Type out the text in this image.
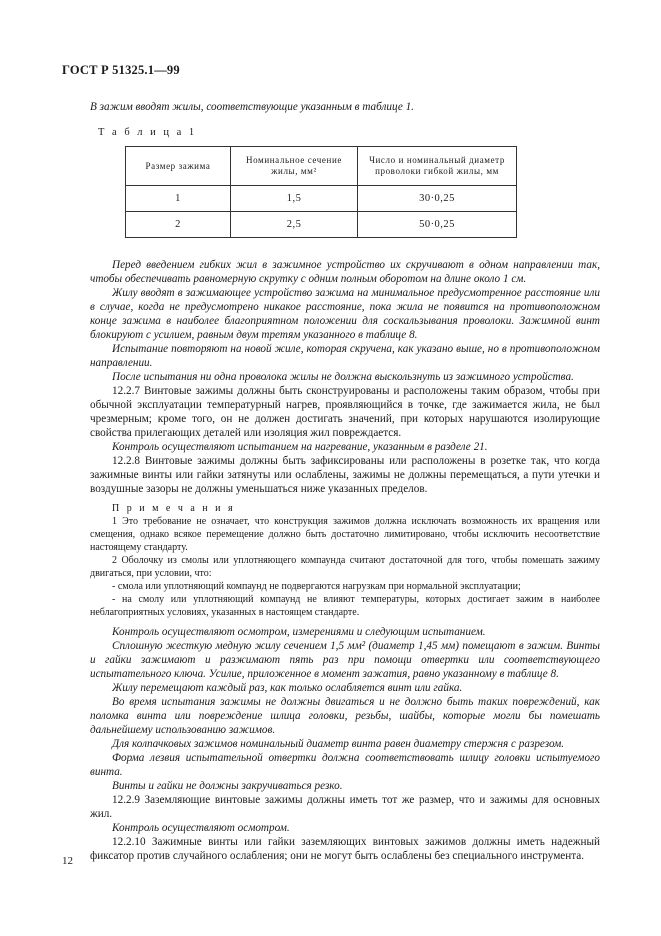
ГОСТ Р 51325.1—99

В зажим вводят жилы, соответствующие указанным в таблице 1.

Т а б л и ц а 1

Размер зажима	Номинальное сечение жилы, мм²	Число и номинальный диаметр проволоки гибкой жилы, мм
1	1,5	30·0,25
2	2,5	50·0,25

Перед введением гибких жил в зажимное устройство их скручивают в одном направлении так, чтобы обеспечивать равномерную скрутку с одним полным оборотом на длине около 1 см.

Жилу вводят в зажимающее устройство зажима на минимальное предусмотренное расстояние или в случае, когда не предусмотрено никакое расстояние, пока жила не появится на противоположном конце зажима в наиболее благоприятном положении для соскальзывания проволоки. Зажимной винт блокируют с усилием, равным двум третям указанного в таблице 8.

Испытание повторяют на новой жиле, которая скручена, как указано выше, но в противоположном направлении.

После испытания ни одна проволока жилы не должна выскользнуть из зажимного устройства.

12.2.7 Винтовые зажимы должны быть сконструированы и расположены таким образом, чтобы при обычной эксплуатации температурный нагрев, проявляющийся в точке, где зажимается жила, не был чрезмерным; кроме того, он не должен достигать значений, при которых нарушаются изолирующие свойства прилегающих деталей или изоляция жил повреждается.

Контроль осуществляют испытанием на нагревание, указанным в разделе 21.

12.2.8 Винтовые зажимы должны быть зафиксированы или расположены в розетке так, что когда зажимные винты или гайки затянуты или ослаблены, зажимы не должны перемещаться, а пути утечки и воздушные зазоры не должны уменьшаться ниже указанных пределов.

П р и м е ч а н и я

1 Это требование не означает, что конструкция зажимов должна исключать возможность их вращения или смещения, однако всякое перемещение должно быть достаточно лимитировано, чтобы исключить несоответствие настоящему стандарту.

2 Оболочку из смолы или уплотняющего компаунда считают достаточной для того, чтобы помешать зажиму двигаться, при условии, что:

- смола или уплотняющий компаунд не подвергаются нагрузкам при нормальной эксплуатации;

- на смолу или уплотняющий компаунд не влияют температуры, которых достигает зажим в наиболее неблагоприятных условиях, указанных в настоящем стандарте.

Контроль осуществляют осмотром, измерениями и следующим испытанием.

Сплошную жесткую медную жилу сечением 1,5 мм² (диаметр 1,45 мм) помещают в зажим. Винты и гайки зажимают и разжимают пять раз при помощи отвертки или соответствующего испытательного ключа. Усилие, приложенное в момент зажатия, равно указанному в таблице 8.

Жилу перемещают каждый раз, как только ослабляется винт или гайка.

Во время испытания зажимы не должны двигаться и не должно быть таких повреждений, как поломка винта или повреждение шлица головки, резьбы, шайбы, которые могли бы помешать дальнейшему использованию зажимов.

Для колпачковых зажимов номинальный диаметр винта равен диаметру стержня с разрезом.

Форма лезвия испытательной отвертки должна соответствовать шлицу головки испытуемого винта.

Винты и гайки не должны закручиваться резко.

12.2.9 Заземляющие винтовые зажимы должны иметь тот же размер, что и зажимы для основных жил.

Контроль осуществляют осмотром.

12.2.10 Зажимные винты или гайки заземляющих винтовых зажимов должны иметь надежный фиксатор против случайного ослабления; они не могут быть ослаблены без специального инструмента.

12
